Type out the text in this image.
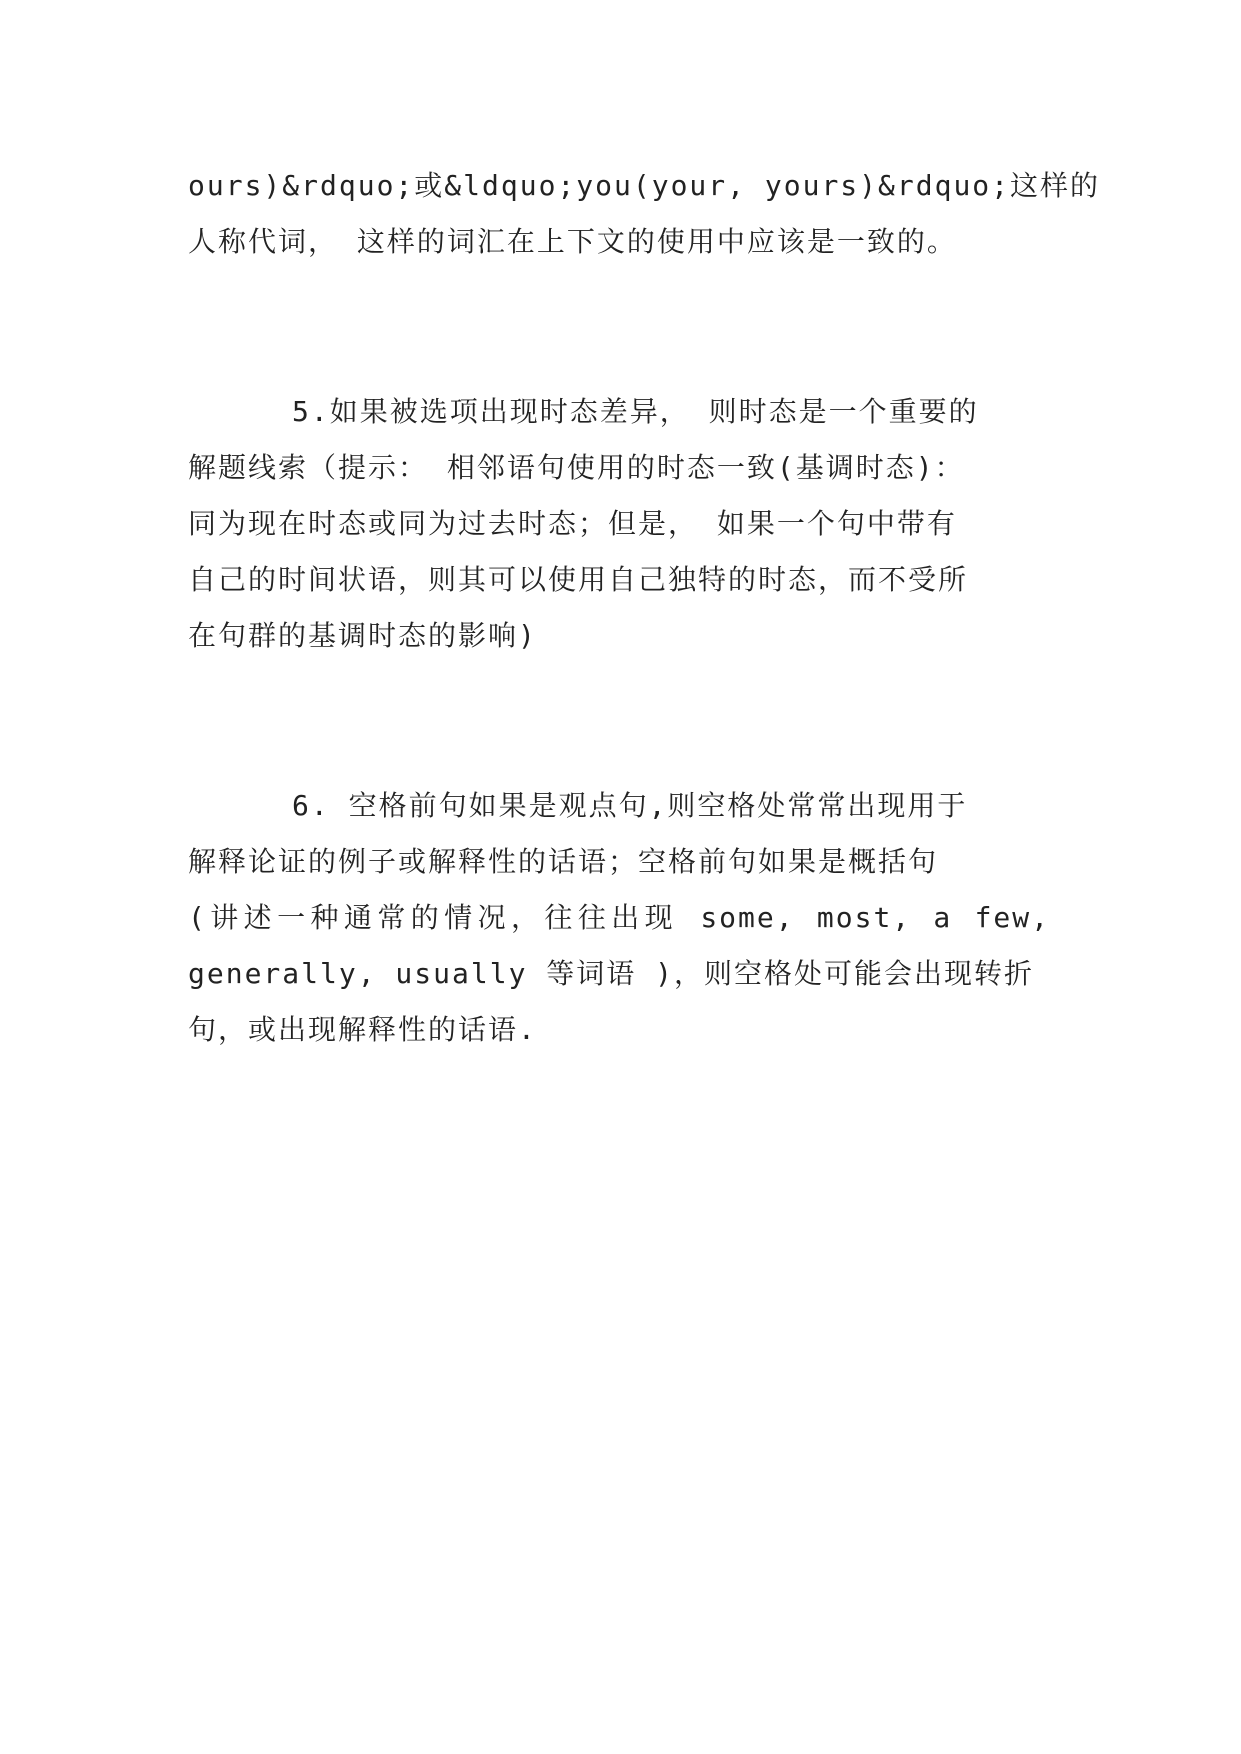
ours)&rdquo;或&ldquo;you(your, yours)&rdquo;这样的
人称代词， 这样的词汇在上下文的使用中应该是一致的。
5.如果被选项出现时态差异， 则时态是一个重要的
解题线索（提示： 相邻语句使用的时态一致(基调时态)：
同为现在时态或同为过去时态；但是， 如果一个句中带有
自己的时间状语，则其可以使用自己独特的时态，而不受所
在句群的基调时态的影响)
6. 空格前句如果是观点句,则空格处常常出现用于
解释论证的例子或解释性的话语；空格前句如果是概括句
(讲述一种通常的情况，往往出现 some, most, a few,
generally, usually 等词语 )，则空格处可能会出现转折
句，或出现解释性的话语.
